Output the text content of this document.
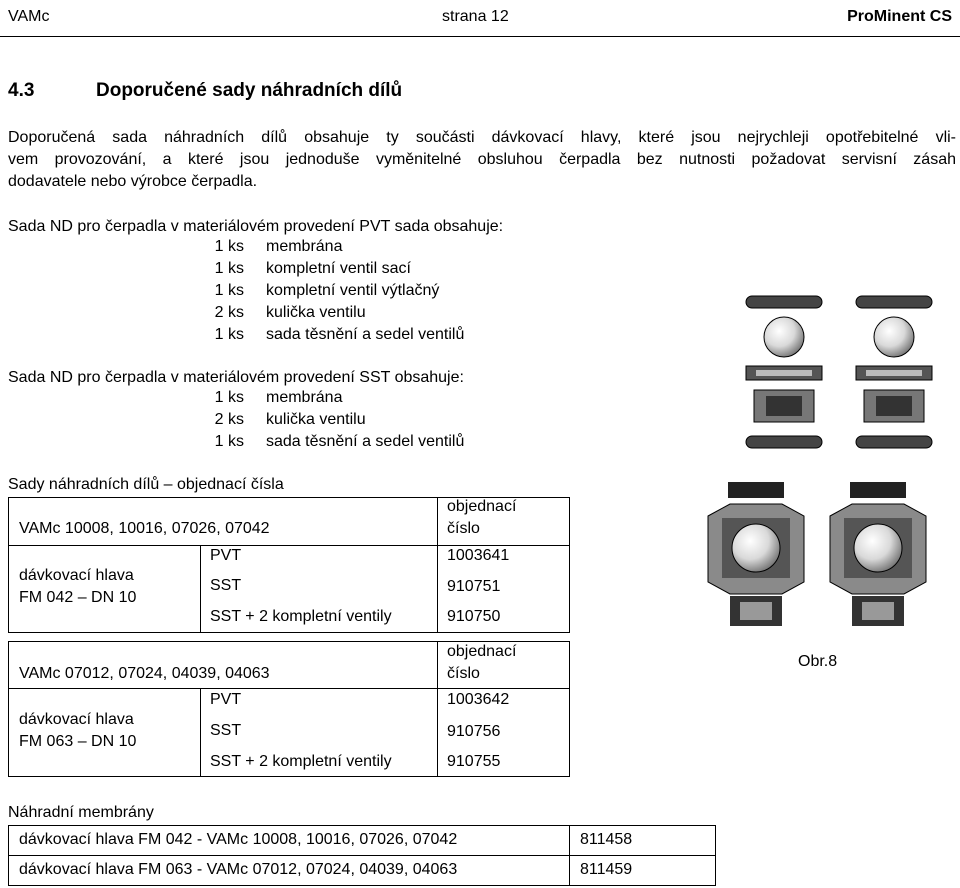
VAMc	strana 12	ProMinent CS
4.3	Doporučené sady náhradních dílů
Doporučená sada náhradních dílů obsahuje ty součásti dávkovací hlavy, které jsou nejrychleji opotřebitelné vli-
vem provozování, a které jsou jednoduše vyměnitelné obsluhou čerpadla bez nutnosti požadovat servisní zásah
dodavatele nebo výrobce čerpadla.
Sada ND pro čerpadla v materiálovém provedení PVT sada obsahuje:
1 ks membrána
1 ks kompletní ventil sací
1 ks kompletní ventil výtlačný
2 ks kulička ventilu
1 ks sada těsnění a sedel ventilů
Sada ND pro čerpadla v materiálovém provedení SST obsahuje:
1 ks membrána
2 ks kulička ventilu
1 ks sada těsnění a sedel ventilů
Sady náhradních dílů – objednací čísla
VAMc 10008, 10016, 07026, 07042
objednací
číslo
dávkovací hlava
FM 042 – DN 10
PVT	1003641
SST	910751
SST + 2 kompletní ventily	910750
VAMc 07012, 07024, 04039, 04063
objednací
číslo
dávkovací hlava
FM 063 – DN 10
PVT	1003642
SST	910756
SST + 2 kompletní ventily	910755
Náhradní membrány
dávkovací hlava FM 042 - VAMc 10008, 10016, 07026, 07042	811458
dávkovací hlava FM 063 - VAMc 07012, 07024, 04039, 04063	811459
Obr.8
